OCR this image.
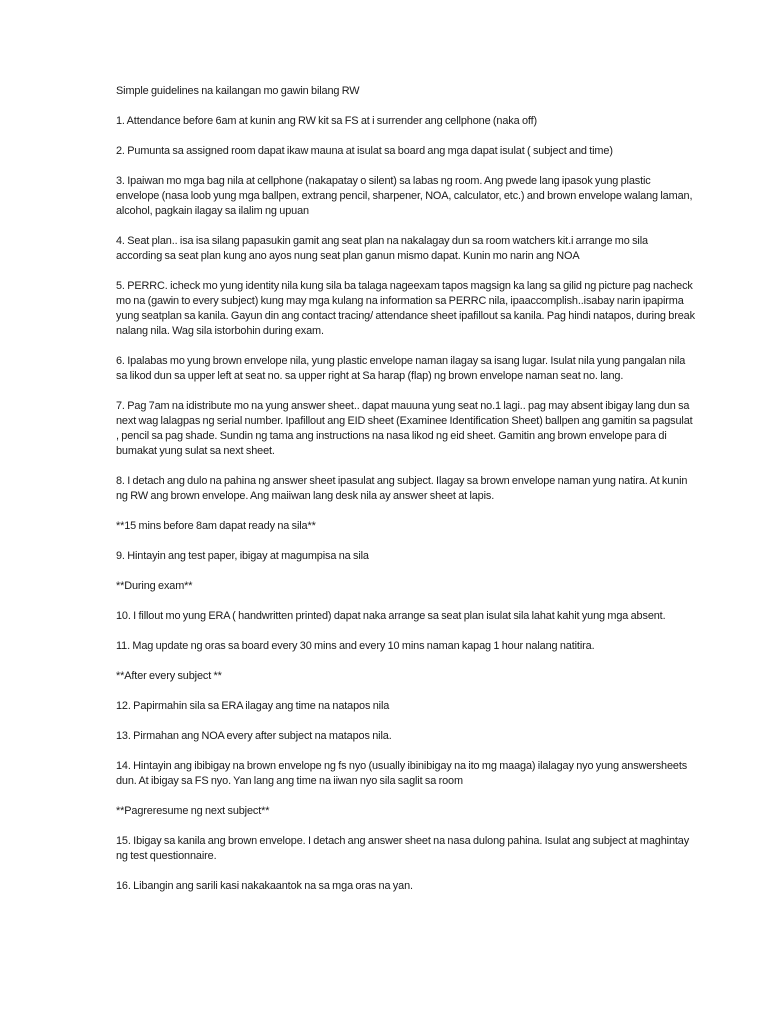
Simple guidelines na kailangan mo gawin bilang RW

1. Attendance before 6am at kunin ang RW kit sa FS at i surrender ang cellphone (naka off)

2. Pumunta sa assigned room dapat ikaw mauna at isulat sa board ang mga dapat isulat ( subject and time)

3. Ipaiwan mo mga bag nila at cellphone (nakapatay o silent) sa labas ng room. Ang pwede lang ipasok yung plastic envelope (nasa loob yung mga ballpen, extrang pencil, sharpener, NOA, calculator, etc.) and brown envelope walang laman, alcohol, pagkain ilagay sa ilalim ng upuan

4. Seat plan.. isa isa silang papasukin gamit ang seat plan na nakalagay dun sa room watchers kit.i arrange mo sila according sa seat plan kung ano ayos nung seat plan ganun mismo dapat. Kunin mo narin ang NOA

5. PERRC. icheck mo yung identity nila kung sila ba talaga nageexam tapos magsign ka lang sa gilid ng picture pag nacheck mo na (gawin to every subject) kung may mga kulang na information sa PERRC nila, ipaaccomplish..isabay narin ipapirma yung seatplan sa kanila. Gayun din ang contact tracing/ attendance sheet ipafillout sa kanila. Pag hindi natapos, during break nalang nila. Wag sila istorbohin during exam.

6. Ipalabas mo yung brown envelope nila, yung plastic envelope naman ilagay sa isang lugar. Isulat nila yung pangalan nila sa likod dun sa upper left at seat no. sa upper right at Sa harap (flap) ng brown envelope naman seat no. lang.

7. Pag 7am na idistribute mo na yung answer sheet.. dapat mauuna yung seat no.1 lagi.. pag may absent ibigay lang dun sa next wag lalagpas ng serial number. Ipafillout ang EID sheet (Examinee Identification Sheet) ballpen ang gamitin sa pagsulat , pencil sa pag shade. Sundin ng tama ang instructions na nasa likod ng eid sheet. Gamitin ang brown envelope para di bumakat yung sulat sa next sheet.

8. I detach ang dulo na pahina ng answer sheet ipasulat ang subject. Ilagay sa brown envelope naman yung natira. At kunin ng RW ang brown envelope. Ang maiiwan lang desk nila ay answer sheet at lapis.

**15 mins before 8am dapat ready na sila**

9. Hintayin ang test paper, ibigay at magumpisa na sila

**During exam**

10. I fillout mo yung ERA ( handwritten printed) dapat naka arrange sa seat plan isulat sila lahat kahit yung mga absent.

11. Mag update ng oras sa board every 30 mins and every 10 mins naman kapag 1 hour nalang natitira.

**After every subject **

12. Papirmahin sila sa ERA ilagay ang time na natapos nila

13. Pirmahan ang NOA every after subject na matapos nila.

14. Hintayin ang ibibigay na brown envelope ng fs nyo (usually ibinibigay na ito mg maaga) ilalagay nyo yung answersheets dun. At ibigay sa FS nyo. Yan lang ang time na iiwan nyo sila saglit sa room

**Pagreresume ng next subject**

15. Ibigay sa kanila ang brown envelope. I detach ang answer sheet na nasa dulong pahina. Isulat ang subject at maghintay ng test questionnaire.

16. Libangin ang sarili kasi nakakaantok na sa mga oras na yan.
